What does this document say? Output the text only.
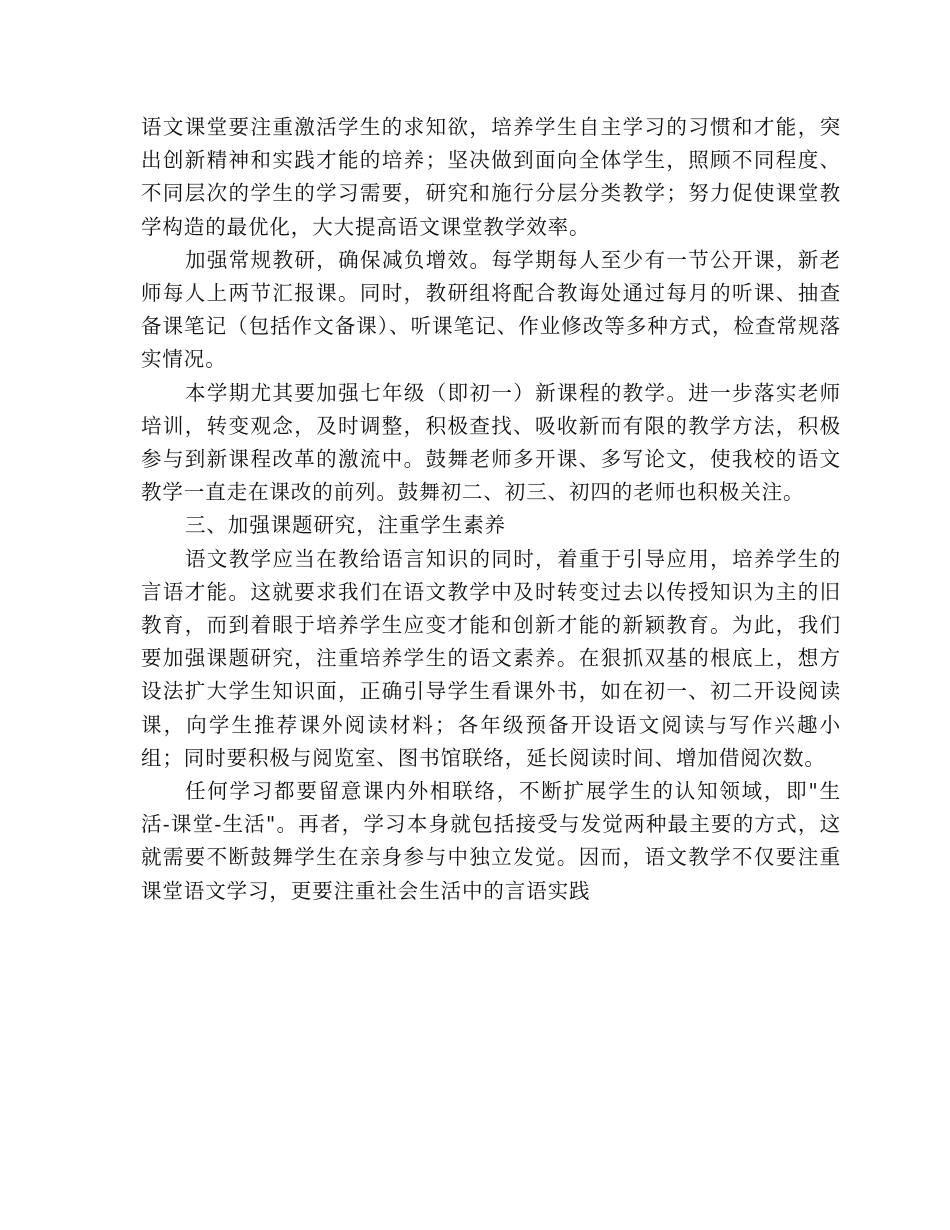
语文课堂要注重激活学生的求知欲，培养学生自主学习的习惯和才能，突出创新精神和实践才能的培养；坚决做到面向全体学生，照顾不同程度、不同层次的学生的学习需要，研究和施行分层分类教学；努力促使课堂教学构造的最优化，大大提高语文课堂教学效率。

加强常规教研，确保减负增效。每学期每人至少有一节公开课，新老师每人上两节汇报课。同时，教研组将配合教诲处通过每月的听课、抽查备课笔记（包括作文备课）、听课笔记、作业修改等多种方式，检查常规落实情况。

本学期尤其要加强七年级（即初一）新课程的教学。进一步落实老师培训，转变观念，及时调整，积极查找、吸收新而有限的教学方法，积极参与到新课程改革的激流中。鼓舞老师多开课、多写论文，使我校的语文教学一直走在课改的前列。鼓舞初二、初三、初四的老师也积极关注。

三、加强课题研究，注重学生素养

语文教学应当在教给语言知识的同时，着重于引导应用，培养学生的言语才能。这就要求我们在语文教学中及时转变过去以传授知识为主的旧教育，而到着眼于培养学生应变才能和创新才能的新颖教育。为此，我们要加强课题研究，注重培养学生的语文素养。在狠抓双基的根底上，想方设法扩大学生知识面，正确引导学生看课外书，如在初一、初二开设阅读课，向学生推荐课外阅读材料；各年级预备开设语文阅读与写作兴趣小组；同时要积极与阅览室、图书馆联络，延长阅读时间、增加借阅次数。

任何学习都要留意课内外相联络，不断扩展学生的认知领域，即"生活-课堂-生活"。再者，学习本身就包括接受与发觉两种最主要的方式，这就需要不断鼓舞学生在亲身参与中独立发觉。因而，语文教学不仅要注重课堂语文学习，更要注重社会生活中的言语实践
